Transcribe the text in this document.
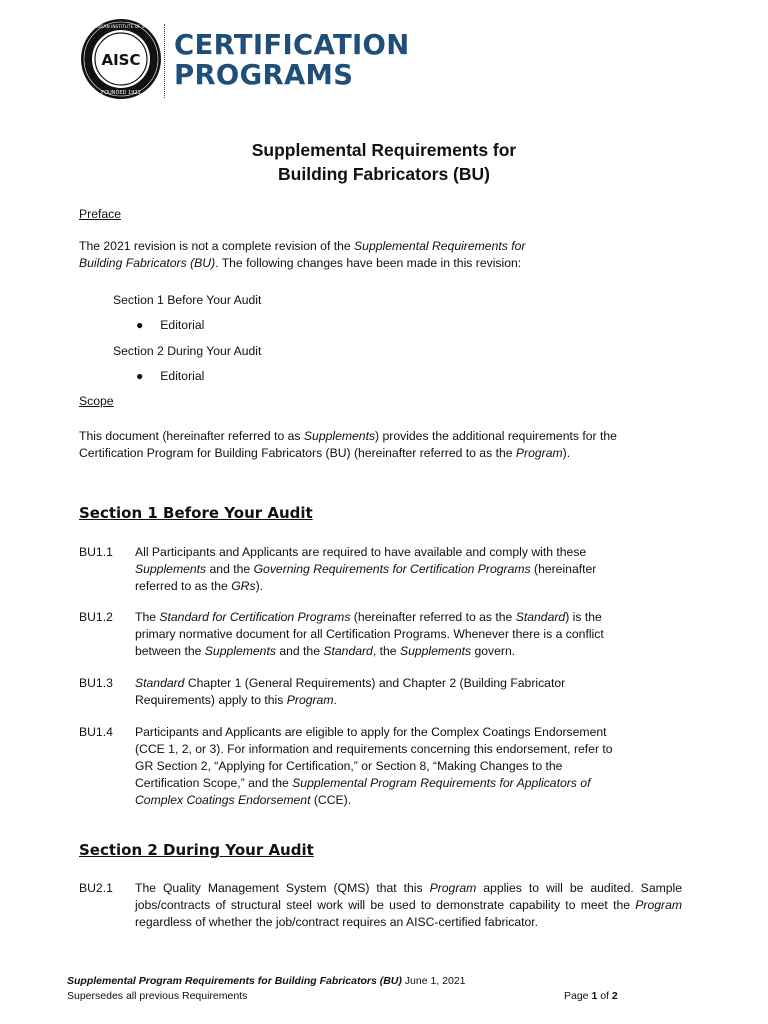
AISC
FOUNDED 1921
AMERICAN INSTITUTE OF STEEL
CERTIFICATION
PROGRAMS
Supplemental Requirements for
Building Fabricators (BU)
Preface
The 2021 revision is not a complete revision of the Supplemental Requirements for
Building Fabricators (BU). The following changes have been made in this revision:
Section 1 Before Your Audit
●     Editorial
Section 2 During Your Audit
●     Editorial
Scope
This document (hereinafter referred to as Supplements) provides the additional requirements for the
Certification Program for Building Fabricators (BU) (hereinafter referred to as the Program).
Section 1 Before Your Audit
BU1.1 All Participants and Applicants are required to have available and comply with these
Supplements and the Governing Requirements for Certification Programs (hereinafter
referred to as the GRs).
BU1.2 The Standard for Certification Programs (hereinafter referred to as the Standard) is the
primary normative document for all Certification Programs. Whenever there is a conflict
between the Supplements and the Standard, the Supplements govern.
BU1.3 Standard Chapter 1 (General Requirements) and Chapter 2 (Building Fabricator
Requirements) apply to this Program.
BU1.4 Participants and Applicants are eligible to apply for the Complex Coatings Endorsement
(CCE 1, 2, or 3). For information and requirements concerning this endorsement, refer to
GR Section 2, “Applying for Certification,” or Section 8, “Making Changes to the
Certification Scope,” and the Supplemental Program Requirements for Applicators of
Complex Coatings Endorsement (CCE).
Section 2 During Your Audit
BU2.1 The Quality Management System (QMS) that this Program applies to will be audited. Sample jobs/contracts of structural steel work will be used to demonstrate capability to meet the Program regardless of whether the job/contract requires an AISC-certified fabricator.
Supplemental Program Requirements for Building Fabricators (BU) June 1, 2021
Supersedes all previous Requirements	Page 1 of 2
